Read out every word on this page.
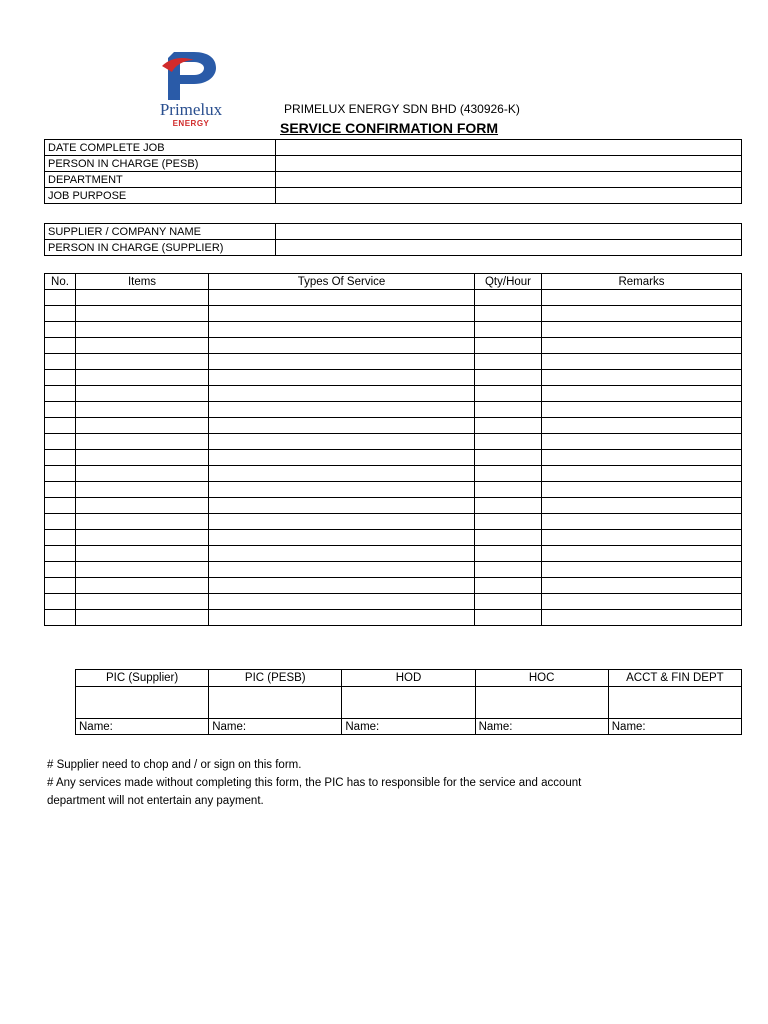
Primelux
ENERGY
PRIMELUX ENERGY SDN BHD (430926-K)
SERVICE CONFIRMATION FORM
DATE COMPLETE JOB	
PERSON IN CHARGE (PESB)	
DEPARTMENT	
JOB PURPOSE	
SUPPLIER / COMPANY NAME	
PERSON IN CHARGE (SUPPLIER)	
No.	Items	Types Of Service	Qty/Hour	Remarks

PIC (Supplier)	PIC (PESB)	HOD	HOC	ACCT & FIN DEPT

Name:	Name:	Name:	Name:	Name:

# Supplier need to chop and / or sign on this form.

# Any services made without completing this form, the PIC has to responsible for the service and account

department will not entertain any payment.
